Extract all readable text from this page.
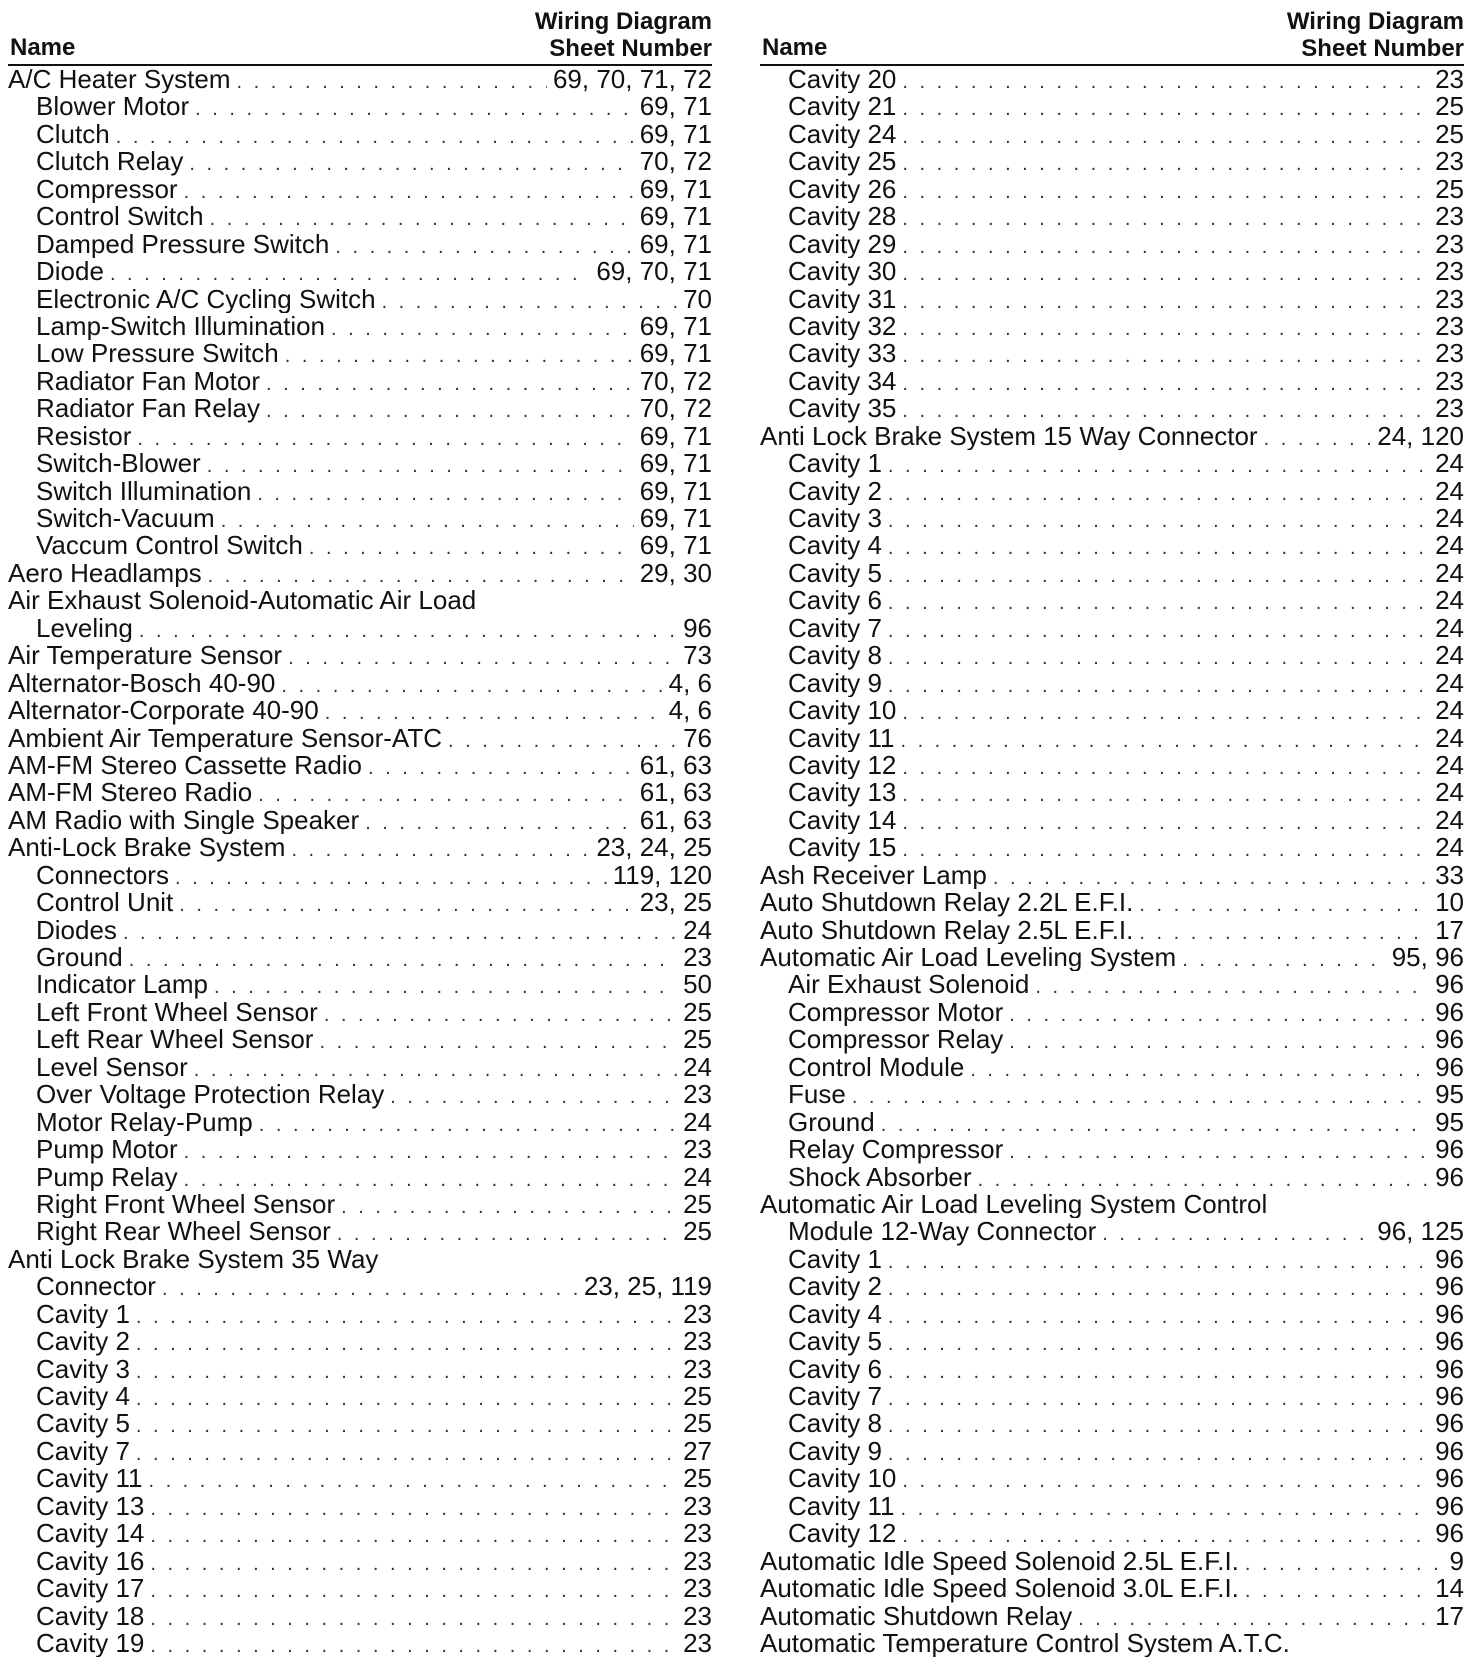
Name
Wiring Diagram
Sheet Number
A/C Heater System . . .	69, 70, 71, 72
Blower Motor . . .	69, 71
Clutch . . .	69, 71
Clutch Relay . . .	70, 72
Compressor . . .	69, 71
Control Switch . . .	69, 71
Damped Pressure Switch . . .	69, 71
Diode . . .	69, 70, 71
Electronic A/C Cycling Switch . . .	70
Lamp-Switch Illumination . . .	69, 71
Low Pressure Switch . . .	69, 71
Radiator Fan Motor . . .	70, 72
Radiator Fan Relay . . .	70, 72
Resistor . . .	69, 71
Switch-Blower . . .	69, 71
Switch Illumination . . .	69, 71
Switch-Vacuum . . .	69, 71
Vaccum Control Switch . . .	69, 71
Aero Headlamps . . .	29, 30
Air Exhaust Solenoid-Automatic Air Load
Leveling . . .	96
Air Temperature Sensor . . .	73
Alternator-Bosch 40-90 . . .	4, 6
Alternator-Corporate 40-90 . . .	4, 6
Ambient Air Temperature Sensor-ATC . . .	76
AM-FM Stereo Cassette Radio . . .	61, 63
AM-FM Stereo Radio . . .	61, 63
AM Radio with Single Speaker . . .	61, 63
Anti-Lock Brake System . . .	23, 24, 25
Connectors . . .	119, 120
Control Unit . . .	23, 25
Diodes . . .	24
Ground . . .	23
Indicator Lamp . . .	50
Left Front Wheel Sensor . . .	25
Left Rear Wheel Sensor . . .	25
Level Sensor . . .	24
Over Voltage Protection Relay . . .	23
Motor Relay-Pump . . .	24
Pump Motor . . .	23
Pump Relay . . .	24
Right Front Wheel Sensor . . .	25
Right Rear Wheel Sensor . . .	25
Anti Lock Brake System 35 Way
Connector . . .	23, 25, 119
Cavity 1 . . .	23
Cavity 2 . . .	23
Cavity 3 . . .	23
Cavity 4 . . .	25
Cavity 5 . . .	25
Cavity 7 . . .	27
Cavity 11 . . .	25
Cavity 13 . . .	23
Cavity 14 . . .	23
Cavity 16 . . .	23
Cavity 17 . . .	23
Cavity 18 . . .	23
Cavity 19 . . .	23
Name
Wiring Diagram
Sheet Number
Cavity 20 . . .	23
Cavity 21 . . .	25
Cavity 24 . . .	25
Cavity 25 . . .	23
Cavity 26 . . .	25
Cavity 28 . . .	23
Cavity 29 . . .	23
Cavity 30 . . .	23
Cavity 31 . . .	23
Cavity 32 . . .	23
Cavity 33 . . .	23
Cavity 34 . . .	23
Cavity 35 . . .	23
Anti Lock Brake System 15 Way Connector . . .	24, 120
Cavity 1 . . .	24
Cavity 2 . . .	24
Cavity 3 . . .	24
Cavity 4 . . .	24
Cavity 5 . . .	24
Cavity 6 . . .	24
Cavity 7 . . .	24
Cavity 8 . . .	24
Cavity 9 . . .	24
Cavity 10 . . .	24
Cavity 11 . . .	24
Cavity 12 . . .	24
Cavity 13 . . .	24
Cavity 14 . . .	24
Cavity 15 . . .	24
Ash Receiver Lamp . . .	33
Auto Shutdown Relay 2.2L E.F.I. . . .	10
Auto Shutdown Relay 2.5L E.F.I. . . .	17
Automatic Air Load Leveling System . . .	95, 96
Air Exhaust Solenoid . . .	96
Compressor Motor . . .	96
Compressor Relay . . .	96
Control Module . . .	96
Fuse . . .	95
Ground . . .	95
Relay Compressor . . .	96
Shock Absorber . . .	96
Automatic Air Load Leveling System Control
Module 12-Way Connector . . .	96, 125
Cavity 1 . . .	96
Cavity 2 . . .	96
Cavity 4 . . .	96
Cavity 5 . . .	96
Cavity 6 . . .	96
Cavity 7 . . .	96
Cavity 8 . . .	96
Cavity 9 . . .	96
Cavity 10 . . .	96
Cavity 11 . . .	96
Cavity 12 . . .	96
Automatic Idle Speed Solenoid 2.5L E.F.I. . . .	9
Automatic Idle Speed Solenoid 3.0L E.F.I. . . .	14
Automatic Shutdown Relay . . .	17
Automatic Temperature Control System A.T.C.
